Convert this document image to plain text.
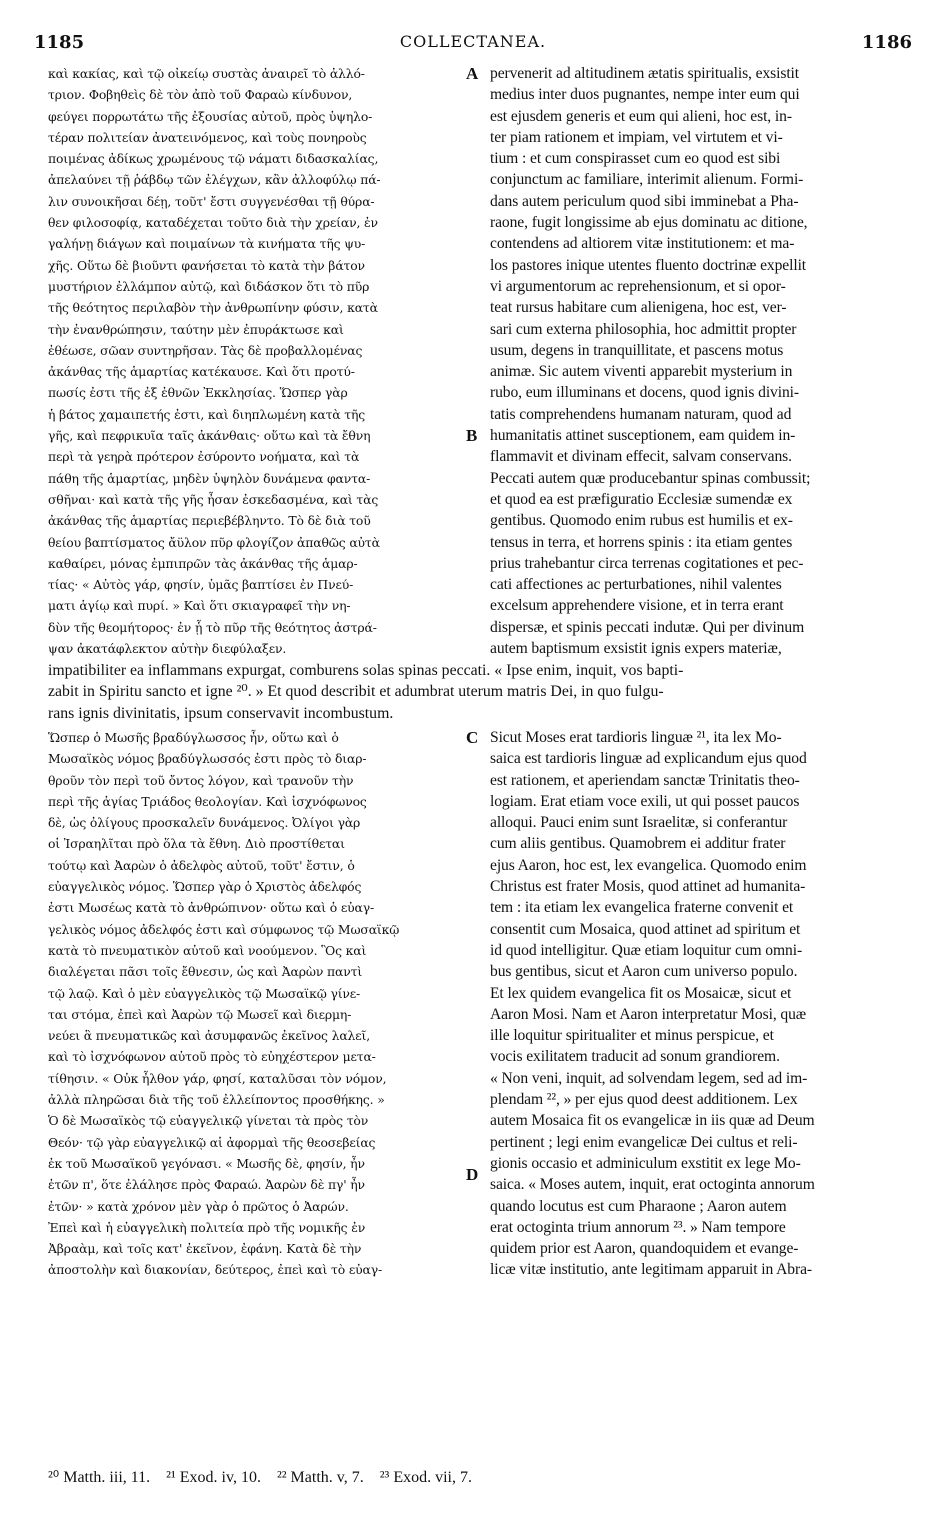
1185	COLLECTANEA.	1186
καὶ κακίας, καὶ τῷ οἰκείῳ συστὰς ἀναιρεῖ τὸ ἀλλό-
τριον. Φοβηθεὶς δὲ τὸν ἀπὸ τοῦ Φαραὼ κίνδυνον,
φεύγει πορρωτάτω τῆς ἐξουσίας αὐτοῦ, πρὸς ὑψηλο-
τέραν πολιτείαν ἀνατεινόμενος, καὶ τοὺς πονηροὺς
ποιμένας ἀδίκως χρωμένους τῷ νάματι διδασκαλίας,
ἀπελαύνει τῇ ῥάβδῳ τῶν ἐλέγχων, κἂν ἀλλοφύλῳ πά-
λιν συνοικῆσαι δέῃ, τοῦτ' ἔστι συγγενέσθαι τῇ θύρα-
θεν φιλοσοφίᾳ, καταδέχεται τοῦτο διὰ τὴν χρείαν, ἐν
γαλήνῃ διάγων καὶ ποιμαίνων τὰ κινήματα τῆς ψυ-
χῆς. Οὕτω δὲ βιοῦντι φανήσεται τὸ κατὰ τὴν βάτον
μυστήριον ἐλλάμπον αὐτῷ, καὶ διδάσκον ὅτι τὸ πῦρ
τῆς θεότητος περιλαβὸν τὴν ἀνθρωπίνην φύσιν, κατὰ
τὴν ἐνανθρώπησιν, ταύτην μὲν ἐπυράκτωσε καὶ
ἐθέωσε, σῶαν συντηρῆσαν. Τὰς δὲ προβαλλομένας
ἀκάνθας τῆς ἁμαρτίας κατέκαυσε. Καὶ ὅτι προτύ-
πωσίς ἐστι τῆς ἐξ ἐθνῶν Ἐκκλησίας. Ὥσπερ γὰρ
ἡ βάτος χαμαιπετής ἐστι, καὶ διηπλωμένη κατὰ τῆς
γῆς, καὶ πεφρικυῖα ταῖς ἀκάνθαις· οὕτω καὶ τὰ ἔθνη
περὶ τὰ γεηρὰ πρότερον ἐσύροντο νοήματα, καὶ τὰ
πάθη τῆς ἁμαρτίας, μηδὲν ὑψηλὸν δυνάμενα φαντα-
σθῆναι· καὶ κατὰ τῆς γῆς ἦσαν ἐσκεδασμένα, καὶ τὰς
ἀκάνθας τῆς ἁμαρτίας περιεβέβληντο. Τὸ δὲ διὰ τοῦ
θείου βαπτίσματος ἄϋλον πῦρ φλογίζον ἀπαθῶς αὐτὰ
καθαίρει, μόνας ἐμπιπρῶν τὰς ἀκάνθας τῆς ἁμαρ-
τίας· « Αὐτὸς γάρ, φησίν, ὑμᾶς βαπτίσει ἐν Πνεύ-
ματι ἁγίῳ καὶ πυρί. » Καὶ ὅτι σκιαγραφεῖ τὴν νη-
δὺν τῆς θεομήτορος· ἐν ᾗ τὸ πῦρ τῆς θεότητος ἀστρά-
ψαν ἀκατάφλεκτον αὐτὴν διεφύλαξεν.
pervenerit ad altitudinem ætatis spiritualis, exsistit
medius inter duos pugnantes, nempe inter eum qui
est ejusdem generis et eum qui alieni, hoc est, in-
ter piam rationem et impiam, vel virtutem et vi-
tium : et cum conspirasset cum eo quod est sibi
conjunctum ac familiare, interimit alienum. Formi-
dans autem periculum quod sibi imminebat a Pha-
raone, fugit longissime ab ejus dominatu ac ditione,
contendens ad altiorem vitæ institutionem: et ma-
los pastores inique utentes fluento doctrinæ expellit
vi argumentorum ac reprehensionum, et si opor-
teat rursus habitare cum alienigena, hoc est, ver-
sari cum externa philosophia, hoc admittit propter
usum, degens in tranquillitate, et pascens motus
animæ. Sic autem viventi apparebit mysterium in
rubo, eum illuminans et docens, quod ignis divini-
tatis comprehendens humanam naturam, quod ad
humanitatis attinet susceptionem, eam quidem in-
flammavit et divinam effecit, salvam conservans.
Peccati autem quæ producebantur spinas combussit;
et quod ea est præfiguratio Ecclesiæ sumendæ ex
gentibus. Quomodo enim rubus est humilis et ex-
tensus in terra, et horrens spinis : ita etiam gentes
prius trahebantur circa terrenas cogitationes et pec-
cati affectiones ac perturbationes, nihil valentes
excelsum apprehendere visione, et in terra erant
dispersæ, et spinis peccati indutæ. Qui per divinum
autem baptismum exsistit ignis expers materiæ,
impatibiliter ea inflammans expurgat, comburens solas spinas peccati. « Ipse enim, inquit, vos bapti-
zabit in Spiritu sancto et igne ²⁰. » Et quod describit et adumbrat uterum matris Dei, in quo fulgu-
rans ignis divinitatis, ipsum conservavit incombustum.
Ὥσπερ ὁ Μωσῆς βραδύγλωσσος ἦν, οὕτω καὶ ὁ
Μωσαϊκὸς νόμος βραδύγλωσσός ἐστι πρὸς τὸ διαρ-
θροῦν τὸν περὶ τοῦ ὄντος λόγον, καὶ τρανοῦν τὴν
περὶ τῆς ἁγίας Τριάδος θεολογίαν. Καὶ ἰσχνόφωνος
δὲ, ὡς ὀλίγους προσκαλεῖν δυνάμενος. Ὀλίγοι γὰρ
οἱ Ἰσραηλῖται πρὸ ὅλα τὰ ἔθνη. Διὸ προστίθεται
τούτῳ καὶ Ἀαρὼν ὁ ἀδελφὸς αὐτοῦ, τοῦτ' ἔστιν, ὁ
εὐαγγελικὸς νόμος. Ὥσπερ γὰρ ὁ Χριστὸς ἀδελφός
ἐστι Μωσέως κατὰ τὸ ἀνθρώπινον· οὕτω καὶ ὁ εὐαγ-
γελικὸς νόμος ἀδελφός ἐστι καὶ σύμφωνος τῷ Μωσαϊκῷ
κατὰ τὸ πνευματικὸν αὐτοῦ καὶ νοούμενον. Ὃς καὶ
διαλέγεται πᾶσι τοῖς ἔθνεσιν, ὡς καὶ Ἀαρὼν παντὶ
τῷ λαῷ. Καὶ ὁ μὲν εὐαγγελικὸς τῷ Μωσαϊκῷ γίνε-
ται στόμα, ἐπεὶ καὶ Ἀαρὼν τῷ Μωσεῖ καὶ διερμη-
νεύει ἃ πνευματικῶς καὶ ἀσυμφανῶς ἐκεῖνος λαλεῖ,
καὶ τὸ ἰσχνόφωνον αὐτοῦ πρὸς τὸ εὐηχέστερον μετα-
τίθησιν. « Οὐκ ἦλθον γάρ, φησί, καταλῦσαι τὸν νόμον,
ἀλλὰ πληρῶσαι διὰ τῆς τοῦ ἐλλείποντος προσθήκης. »
Ὁ δὲ Μωσαϊκὸς τῷ εὐαγγελικῷ γίνεται τὰ πρὸς τὸν
Θεόν· τῷ γὰρ εὐαγγελικῷ αἱ ἀφορμαὶ τῆς θεοσεβείας
ἐκ τοῦ Μωσαϊκοῦ γεγόνασι. « Μωσῆς δὲ, φησίν, ἦν
ἐτῶν π', ὅτε ἐλάλησε πρὸς Φαραώ. Ἀαρὼν δὲ πγ' ἦν
ἐτῶν· » κατὰ χρόνον μὲν γὰρ ὁ πρῶτος ὁ Ἀαρών.
Ἐπεὶ καὶ ἡ εὐαγγελικὴ πολιτεία πρὸ τῆς νομικῆς ἐν
Ἀβραὰμ, καὶ τοῖς κατ' ἐκεῖνον, ἐφάνη. Κατὰ δὲ τὴν
ἀποστολὴν καὶ διακονίαν, δεύτερος, ἐπεὶ καὶ τὸ εὐαγ-
Sicut Moses erat tardioris linguæ ²¹, ita lex Mo-
saica est tardioris linguæ ad explicandum ejus quod
est rationem, et aperiendam sanctæ Trinitatis theo-
logiam. Erat etiam voce exili, ut qui posset paucos
alloqui. Pauci enim sunt Israelitæ, si conferantur
cum aliis gentibus. Quamobrem ei additur frater
ejus Aaron, hoc est, lex evangelica. Quomodo enim
Christus est frater Mosis, quod attinet ad humanita-
tem : ita etiam lex evangelica fraterne convenit et
consentit cum Mosaica, quod attinet ad spiritum et
id quod intelligitur. Quæ etiam loquitur cum omni-
bus gentibus, sicut et Aaron cum universo populo.
Et lex quidem evangelica fit os Mosaicæ, sicut et
Aaron Mosi. Nam et Aaron interpretatur Mosi, quæ
ille loquitur spiritualiter et minus perspicue, et
vocis exilitatem traducit ad sonum grandiorem.
« Non veni, inquit, ad solvendam legem, sed ad im-
plendam ²², » per ejus quod deest additionem. Lex
autem Mosaica fit os evangelicæ in iis quæ ad Deum
pertinent ; legi enim evangelicæ Dei cultus et reli-
gionis occasio et adminiculum exstitit ex lege Mo-
saica. « Moses autem, inquit, erat octoginta annorum
quando locutus est cum Pharaone ; Aaron autem
erat octoginta trium annorum ²³. » Nam tempore
quidem prior est Aaron, quandoquidem et evange-
licæ vitæ institutio, ante legitimam apparuit in Abra-
A
B
C
D
²⁰ Matth. iii, 11.    ²¹ Exod. iv, 10.    ²² Matth. v, 7.    ²³ Exod. vii, 7.
